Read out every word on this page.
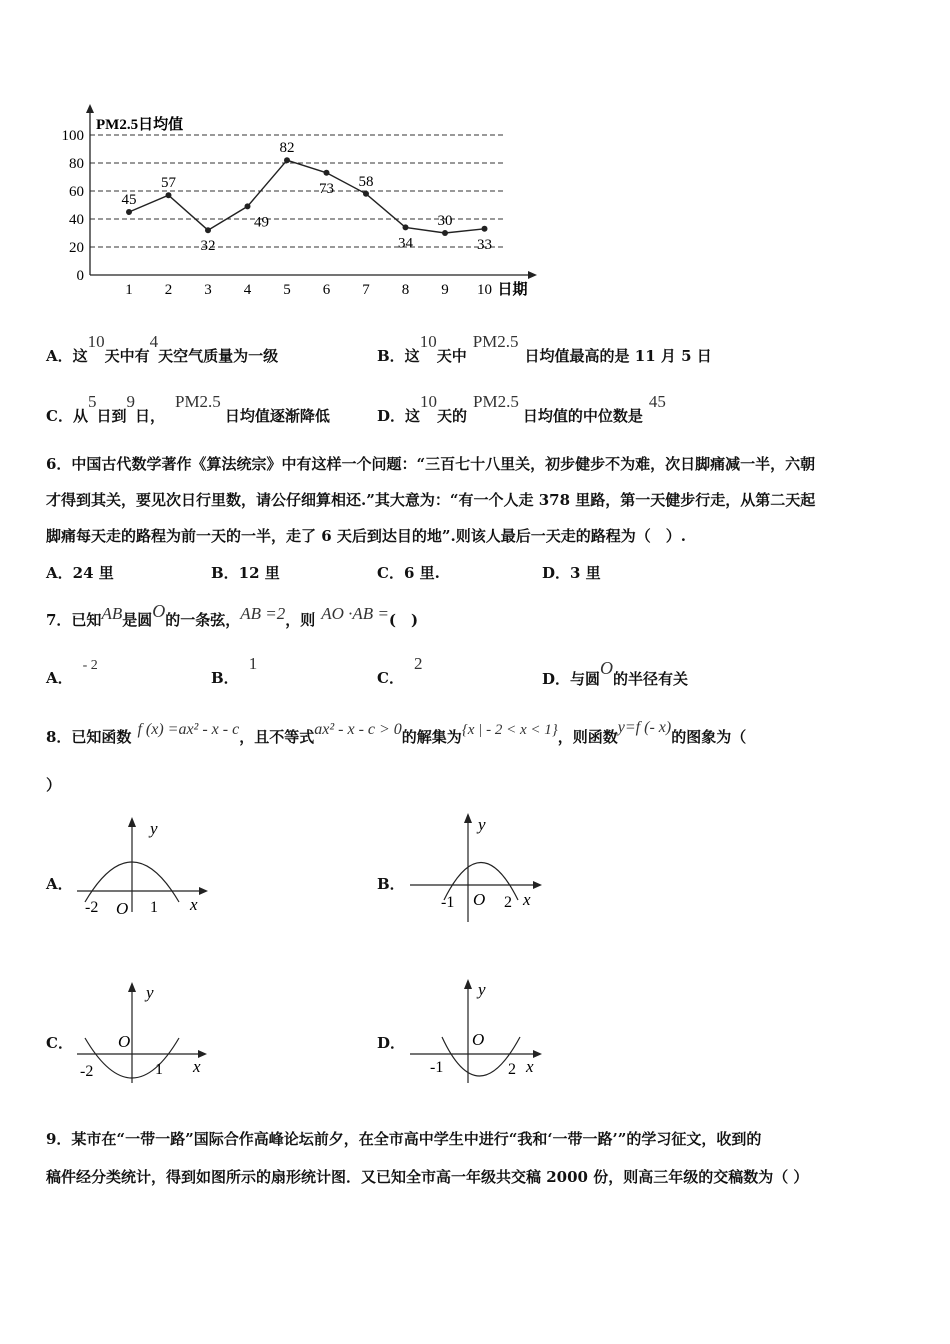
0
20
40
60
80
100
PM2.5日均值
1 2 3 4 5 6 7 8 9 10 日期
45
57
32
49
82
73 58
34
30
33
A．这10天中有4天空气质量为一级	B．这10天中PM2.5日均值最高的是 11 月 5 日
C．从5日到9日，PM2.5日均值逐渐降低	D．这10天的PM2.5日均值的中位数是45
6．中国古代数学著作《算法统宗》中有这样一个问题：“三百七十八里关，初步健步不为难，次日脚痛减一半，六朝
才得到其关，要见次日行里数，请公仔细算相还.”其大意为：“有一个人走 378 里路，第一天健步行走，从第二天起
脚痛每天走的路程为前一天的一半，走了 6 天后到达目的地”.则该人最后一天走的路程为（　）.
A．24 里	B．12 里	C．6 里.	D．3 里
7．已知AB是圆O的一条弦，AB =2，则 AO ·AB =(　)
A．- 2
B．1
C．2
D．与圆O的半径有关
8．已知函数 f (x) =ax² - x - c，且不等式ax² - x - c > 0的解集为{x | - 2 < x < 1}，则函数y=f (- x)的图象为（
）
A．
y
x
O
-2	1
B．
y
x
O
-1	2
C．
y
x
O
-2	1
D．
y
x
O
-1	2
9．某市在“一带一路”国际合作高峰论坛前夕，在全市高中学生中进行“我和‘一带一路’”的学习征文，收到的
稿件经分类统计，得到如图所示的扇形统计图．又已知全市高一年级共交稿 2000 份，则高三年级的交稿数为（ ）
